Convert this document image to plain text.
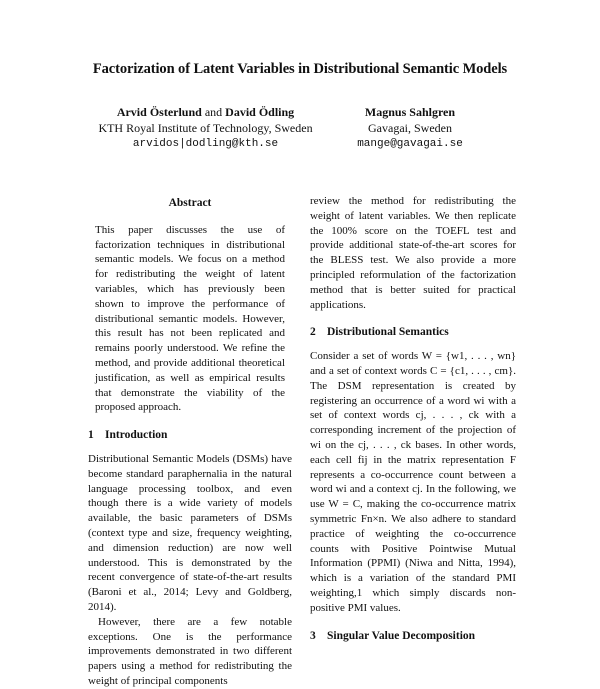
Factorization of Latent Variables in Distributional Semantic Models
Arvid Österlund and David Ödling
KTH Royal Institute of Technology, Sweden
arvidos|dodling@kth.se
Magnus Sahlgren
Gavagai, Sweden
mange@gavagai.se
Abstract

This paper discusses the use of factorization techniques in distributional semantic models. We focus on a method for redistributing the weight of latent variables, which has previously been shown to improve the performance of distributional semantic models. However, this result has not been replicated and remains poorly understood. We refine the method, and provide additional theoretical justification, as well as empirical results that demonstrate the viability of the proposed approach.

1 Introduction

Distributional Semantic Models (DSMs) have become standard paraphernalia in the natural language processing toolbox, and even though there is a wide variety of models available, the basic parameters of DSMs (context type and size, frequency weighting, and dimension reduction) are now well understood. This is demonstrated by the recent convergence of state-of-the-art results (Baroni et al., 2014; Levy and Goldberg, 2014).

However, there are a few notable exceptions. One is the performance improvements demonstrated in two different papers using a method for redistributing the weight of principal components

review the method for redistributing the weight of latent variables. We then replicate the 100% score on the TOEFL test and provide additional state-of-the-art scores for the BLESS test. We also provide a more principled reformulation of the factorization method that is better suited for practical applications.

2 Distributional Semantics

Consider a set of words W = {w1, . . . , wn} and a set of context words C = {c1, . . . , cm}. The DSM representation is created by registering an occurrence of a word wi with a set of context words cj, . . . , ck with a corresponding increment of the projection of wi on the cj, . . . , ck bases. In other words, each cell fij in the matrix representation F represents a co-occurrence count between a word wi and a context cj. In the following, we use W = C, making the co-occurrence matrix symmetric Fn×n. We also adhere to standard practice of weighting the co-occurrence counts with Positive Pointwise Mutual Information (PPMI) (Niwa and Nitta, 1994), which is a variation of the standard PMI weighting,1 which simply discards non-positive PMI values.

3 Singular Value Decomposition
